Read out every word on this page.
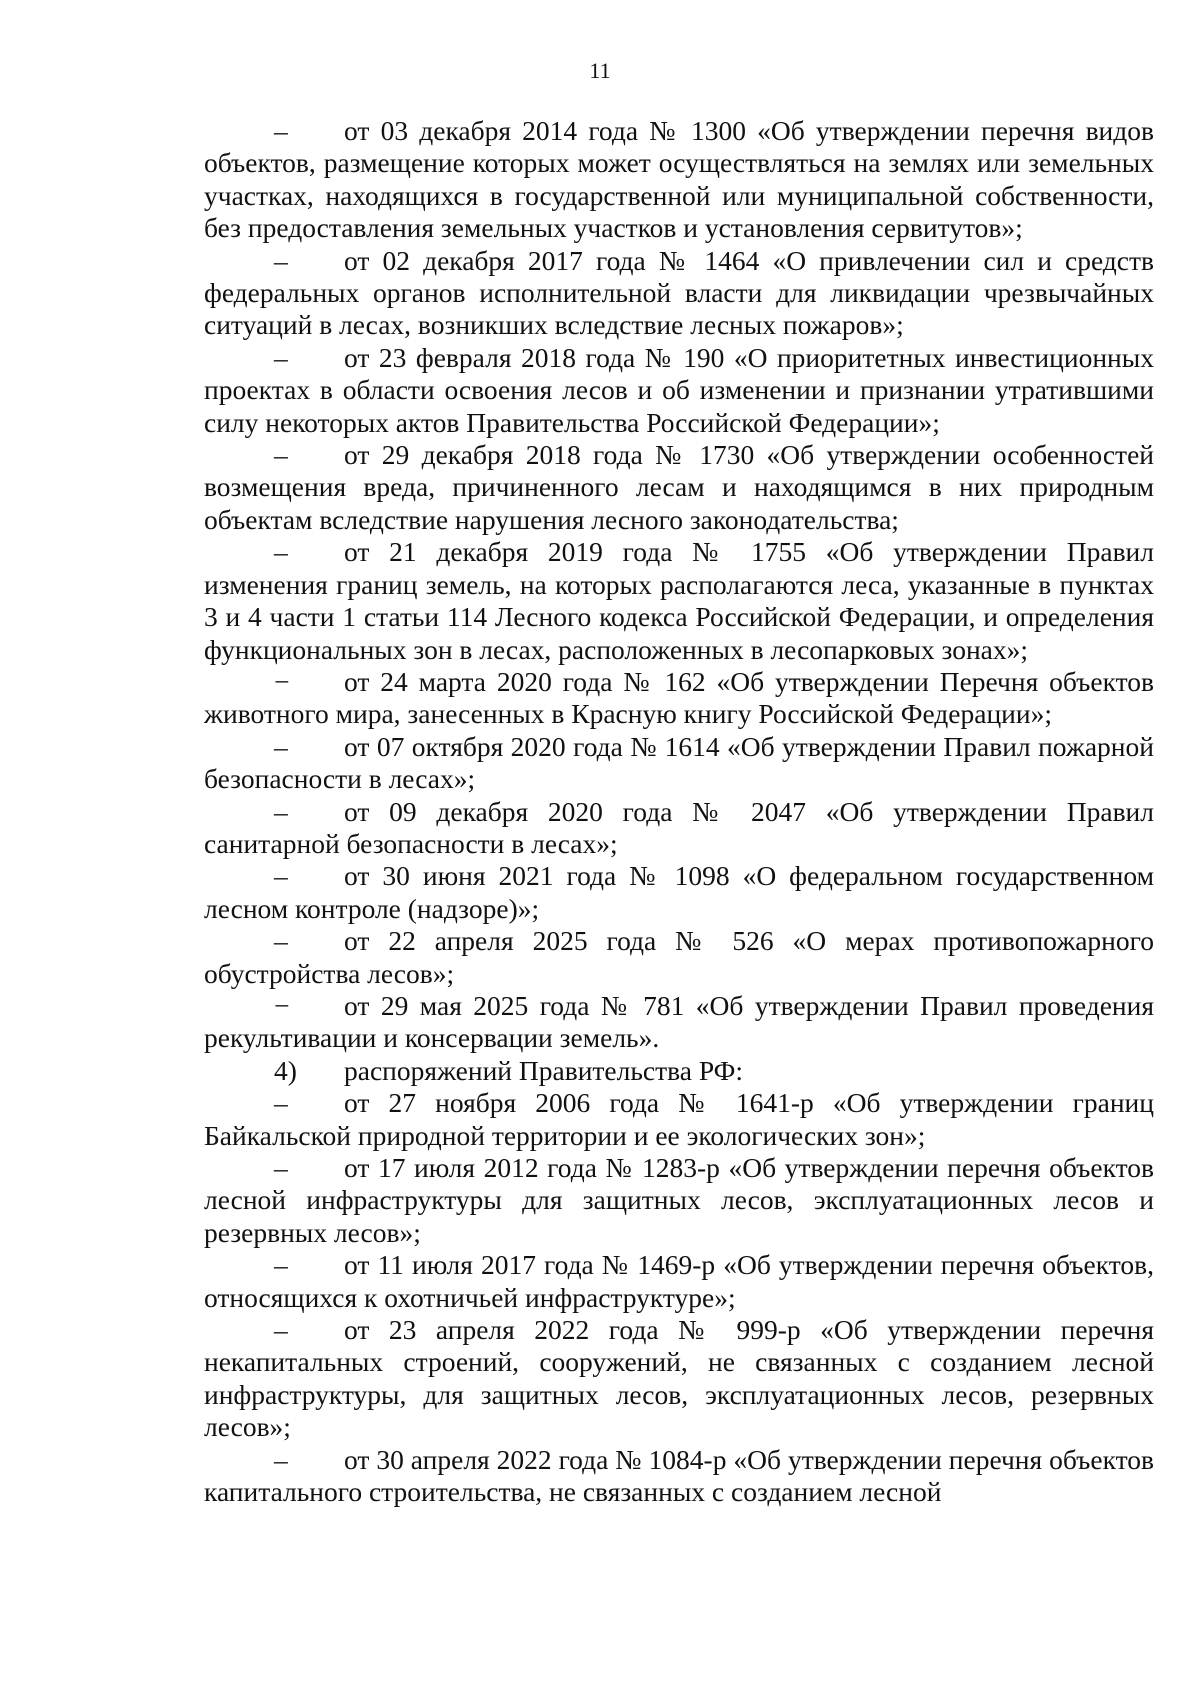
11

– от 03 декабря 2014 года № 1300 «Об утверждении перечня видов объектов, размещение которых может осуществляться на землях или земельных участках, находящихся в государственной или муниципальной собственности, без предоставления земельных участков и установления сервитутов»;

– от 02 декабря 2017 года № 1464 «О привлечении сил и средств федеральных органов исполнительной власти для ликвидации чрезвычайных ситуаций в лесах, возникших вследствие лесных пожаров»;

– от 23 февраля 2018 года № 190 «О приоритетных инвестиционных проектах в области освоения лесов и об изменении и признании утратившими силу некоторых актов Правительства Российской Федерации»;

– от 29 декабря 2018 года № 1730 «Об утверждении особенностей возмещения вреда, причиненного лесам и находящимся в них природным объектам вследствие нарушения лесного законодательства;

– от 21 декабря 2019 года № 1755 «Об утверждении Правил изменения границ земель, на которых располагаются леса, указанные в пунктах 3 и 4 части 1 статьи 114 Лесного кодекса Российской Федерации, и определения функциональных зон в лесах, расположенных в лесопарковых зонах»;

− от 24 марта 2020 года № 162 «Об утверждении Перечня объектов животного мира, занесенных в Красную книгу Российской Федерации»;

– от 07 октября 2020 года № 1614 «Об утверждении Правил пожарной безопасности в лесах»;

– от 09 декабря 2020 года № 2047 «Об утверждении Правил санитарной безопасности в лесах»;

– от 30 июня 2021 года № 1098 «О федеральном государственном лесном контроле (надзоре)»;

– от 22 апреля 2025 года № 526 «О мерах противопожарного обустройства лесов»;

− от 29 мая 2025 года № 781 «Об утверждении Правил проведения рекультивации и консервации земель».

4) распоряжений Правительства РФ:

– от 27 ноября 2006 года № 1641-р «Об утверждении границ Байкальской природной территории и ее экологических зон»;

– от 17 июля 2012 года № 1283-р «Об утверждении перечня объектов лесной инфраструктуры для защитных лесов, эксплуатационных лесов и резервных лесов»;

– от 11 июля 2017 года № 1469-р «Об утверждении перечня объектов, относящихся к охотничьей инфраструктуре»;

– от 23 апреля 2022 года № 999-р «Об утверждении перечня некапитальных строений, сооружений, не связанных с созданием лесной инфраструктуры, для защитных лесов, эксплуатационных лесов, резервных лесов»;

– от 30 апреля 2022 года № 1084-р «Об утверждении перечня объектов капитального строительства, не связанных с созданием лесной
